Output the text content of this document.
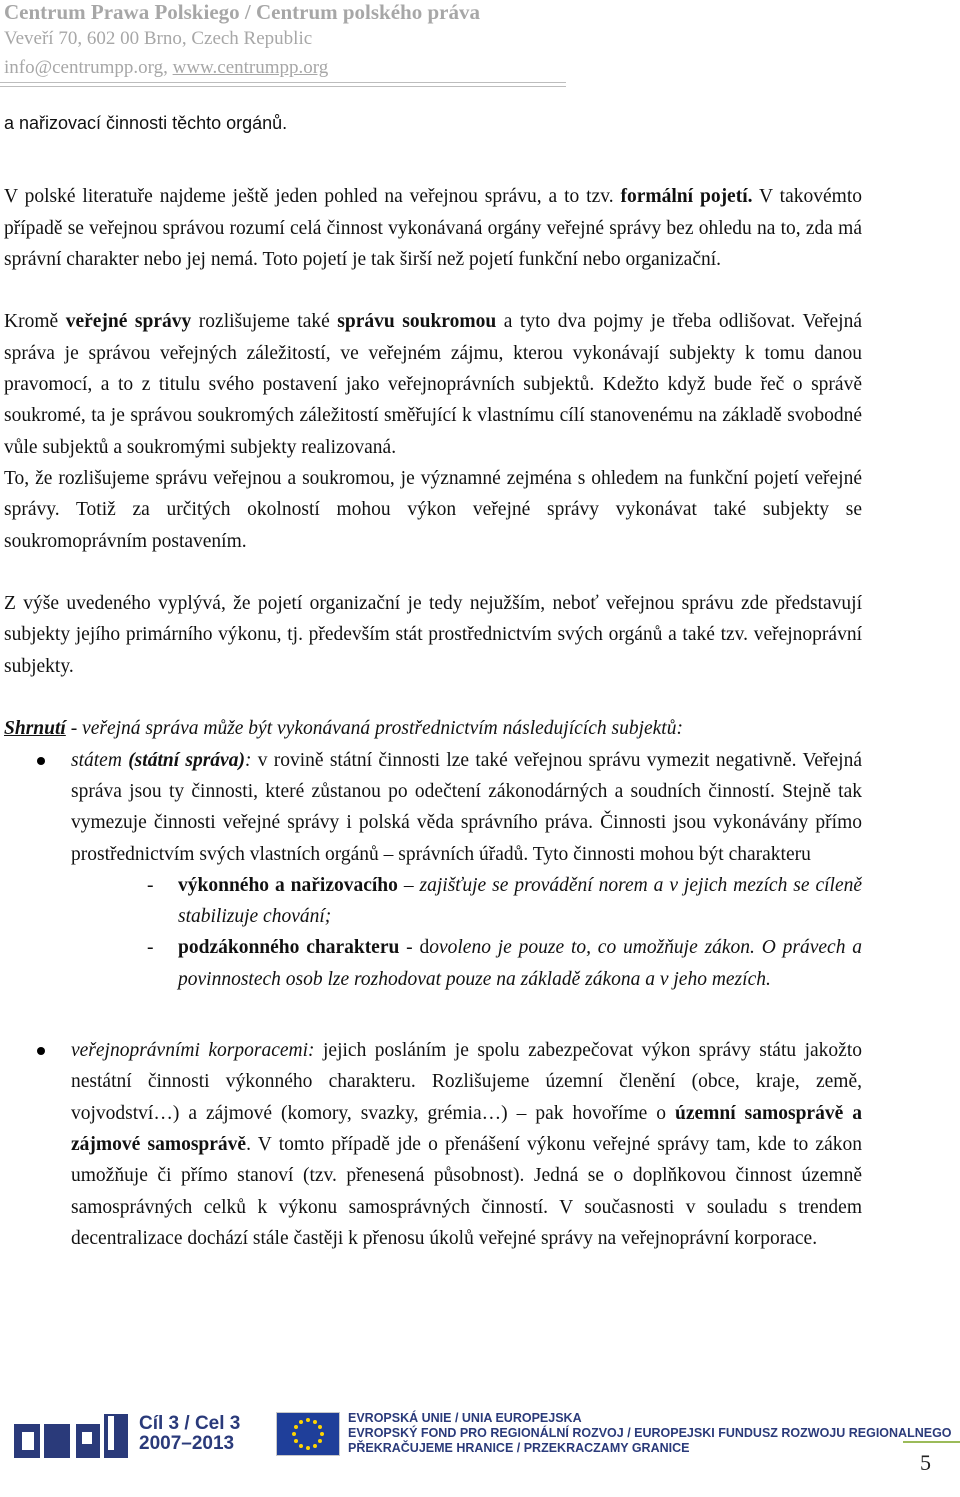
Centrum Prawa Polskiego / Centrum polského práva
Veveří 70, 602 00 Brno, Czech Republic
info@centrumpp.org, www.centrumpp.org

a nařizovací činnosti těchto orgánů.

V polské literatuře najdeme ještě jeden pohled na veřejnou správu, a to tzv. formální pojetí. V takovémto případě se veřejnou správou rozumí celá činnost vykonávaná orgány veřejné správy bez ohledu na to, zda má správní charakter nebo jej nemá. Toto pojetí je tak širší než pojetí funkční nebo organizační.

Kromě veřejné správy rozlišujeme také správu soukromou a tyto dva pojmy je třeba odlišovat. Veřejná správa je správou veřejných záležitostí, ve veřejném zájmu, kterou vykonávají subjekty k tomu danou pravomocí, a to z titulu svého postavení jako veřejnoprávních subjektů. Kdežto když bude řeč o správě soukromé, ta je správou soukromých záležitostí směřující k vlastnímu cílí stanovenému na základě svobodné vůle subjektů a soukromými subjekty realizovaná.

To, že rozlišujeme správu veřejnou a soukromou, je významné zejména s ohledem na funkční pojetí veřejné správy. Totiž za určitých okolností mohou výkon veřejné správy vykonávat také subjekty se soukromoprávním postavením.

Z výše uvedeného vyplývá, že pojetí organizační je tedy nejužším, neboť veřejnou správu zde představují subjekty jejího primárního výkonu, tj. především stát prostřednictvím svých orgánů a také tzv. veřejnoprávní subjekty.

Shrnutí - veřejná správa může být vykonávaná prostřednictvím následujících subjektů:

státem (státní správa): v rovině státní činnosti lze také veřejnou správu vymezit negativně. Veřejná správa jsou ty činnosti, které zůstanou po odečtení zákonodárných a soudních činností. Stejně tak vymezuje činnosti veřejné správy i polská věda správního práva. Činnosti jsou vykonávány přímo prostřednictvím svých vlastních orgánů – správních úřadů. Tyto činnosti mohou být charakteru

- výkonného a nařizovacího – zajišťuje se provádění norem a v jejich mezích se cíleně stabilizuje chování;

- podzákonného charakteru - dovoleno je pouze to, co umožňuje zákon. O právech a povinnostech osob lze rozhodovat pouze na základě zákona a v jeho mezích.

veřejnoprávními korporacemi: jejich posláním je spolu zabezpečovat výkon správy státu jakožto nestátní činnosti výkonného charakteru. Rozlišujeme územní členění (obce, kraje, země, vojvodství…) a zájmové (komory, svazky, grémia…) – pak hovoříme o územní samosprávě a zájmové samosprávě. V tomto případě jde o přenášení výkonu veřejné správy tam, kde to zákon umožňuje či přímo stanoví (tzv. přenesená působnost). Jedná se o doplňkovou činnost územně samosprávných celků k výkonu samosprávných činností. V současnosti v souladu s trendem decentralizace dochází stále častěji k přenosu úkolů veřejné správy na veřejnoprávní korporace.

Cíl 3 / Cel 3
2007–2013
EVROPSKÁ UNIE / UNIA EUROPEJSKA
EVROPSKÝ FOND PRO REGIONÁLNÍ ROZVOJ / EUROPEJSKI FUNDUSZ ROZWOJU REGIONALNEGO
PŘEKRAČUJEME HRANICE / PRZEKRACZAMY GRANICE
5
